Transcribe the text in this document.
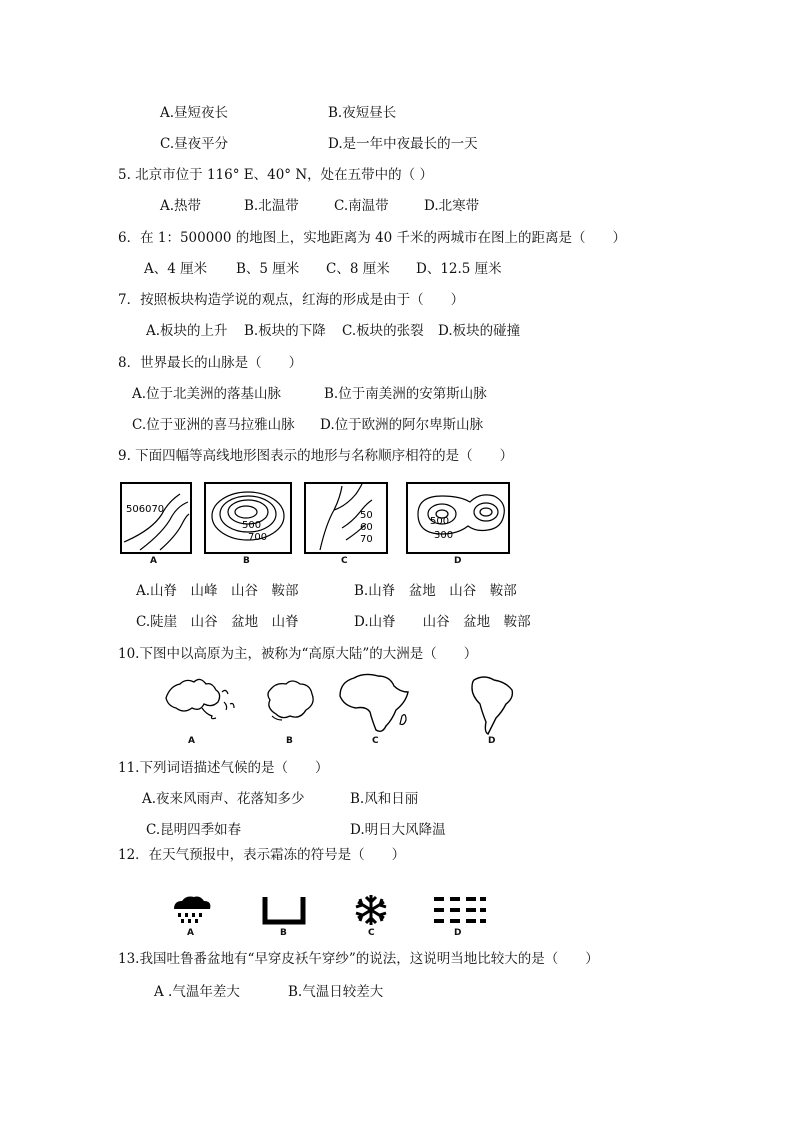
A.昼短夜长	B.夜短昼长
C.昼夜平分	D.是一年中夜最长的一天
5. 北京市位于 116° E、40° N，处在五带中的（ ）
A.热带	B.北温带	C.南温带	D.北寒带
6．在 1：500000 的地图上，实地距离为 40 千米的两城市在图上的距离是（　　）
A、4 厘米 B、5 厘米 C、8 厘米 D、12.5 厘米
7．按照板块构造学说的观点，红海的形成是由于（　　）
A.板块的上升 B.板块的下降 C.板块的张裂 D.板块的碰撞
8．世界最长的山脉是（　　）
A.位于北美洲的落基山脉	B.位于南美洲的安第斯山脉
C.位于亚洲的喜马拉雅山脉 D.位于欧洲的阿尔卑斯山脉
9. 下面四幅等高线地形图表示的地形与名称顺序相符的是（　　）
506070
A
500
700
B
50
60
70
C
500
300
D
A.山脊　山峰　山谷　鞍部	B.山脊　盆地　山谷　鞍部
C.陡崖　山谷　盆地　山脊	D.山脊　　山谷　盆地　鞍部
10.下图中以高原为主，被称为“高原大陆”的大洲是（　　）
A	B	C	D
11.下列词语描述气候的是（　　）
A.夜来风雨声、花落知多少	B.风和日丽
C.昆明四季如春	D.明日大风降温
12．在天气预报中，表示霜冻的符号是（　　）
A	B	C	D
13.我国吐鲁番盆地有“早穿皮袄午穿纱”的说法，这说明当地比较大的是（　　）
A .气温年差大	B.气温日较差大
